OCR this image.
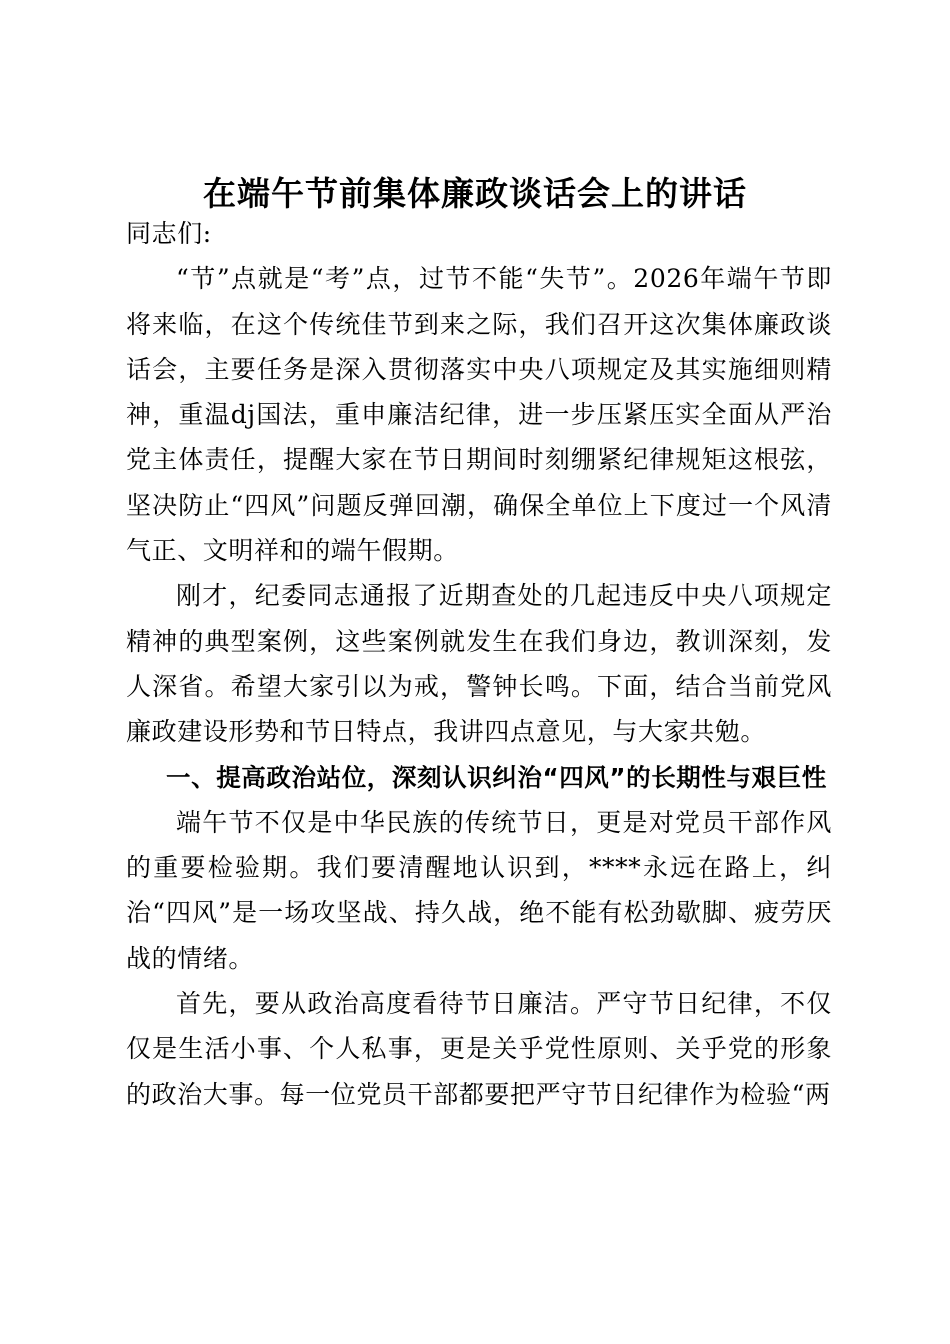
在端午节前集体廉政谈话会上的讲话

同志们:

“节”点就是“考”点，过节不能“失节”。2026年端午节即将来临，在这个传统佳节到来之际，我们召开这次集体廉政谈话会，主要任务是深入贯彻落实中央八项规定及其实施细则精神，重温dj国法，重申廉洁纪律，进一步压紧压实全面从严治党主体责任，提醒大家在节日期间时刻绷紧纪律规矩这根弦，坚决防止“四风”问题反弹回潮，确保全单位上下度过一个风清气正、文明祥和的端午假期。

刚才，纪委同志通报了近期查处的几起违反中央八项规定精神的典型案例，这些案例就发生在我们身边，教训深刻，发人深省。希望大家引以为戒，警钟长鸣。下面，结合当前党风廉政建设形势和节日特点，我讲四点意见，与大家共勉。

一、提高政治站位，深刻认识纠治“四风”的长期性与艰巨性

端午节不仅是中华民族的传统节日，更是对党员干部作风的重要检验期。我们要清醒地认识到，****永远在路上，纠治“四风”是一场攻坚战、持久战，绝不能有松劲歇脚、疲劳厌战的情绪。

首先，要从政治高度看待节日廉洁。严守节日纪律，不仅仅是生活小事、个人私事，更是关乎党性原则、关乎党的形象的政治大事。每一位党员干部都要把严守节日纪律作为检验“两
